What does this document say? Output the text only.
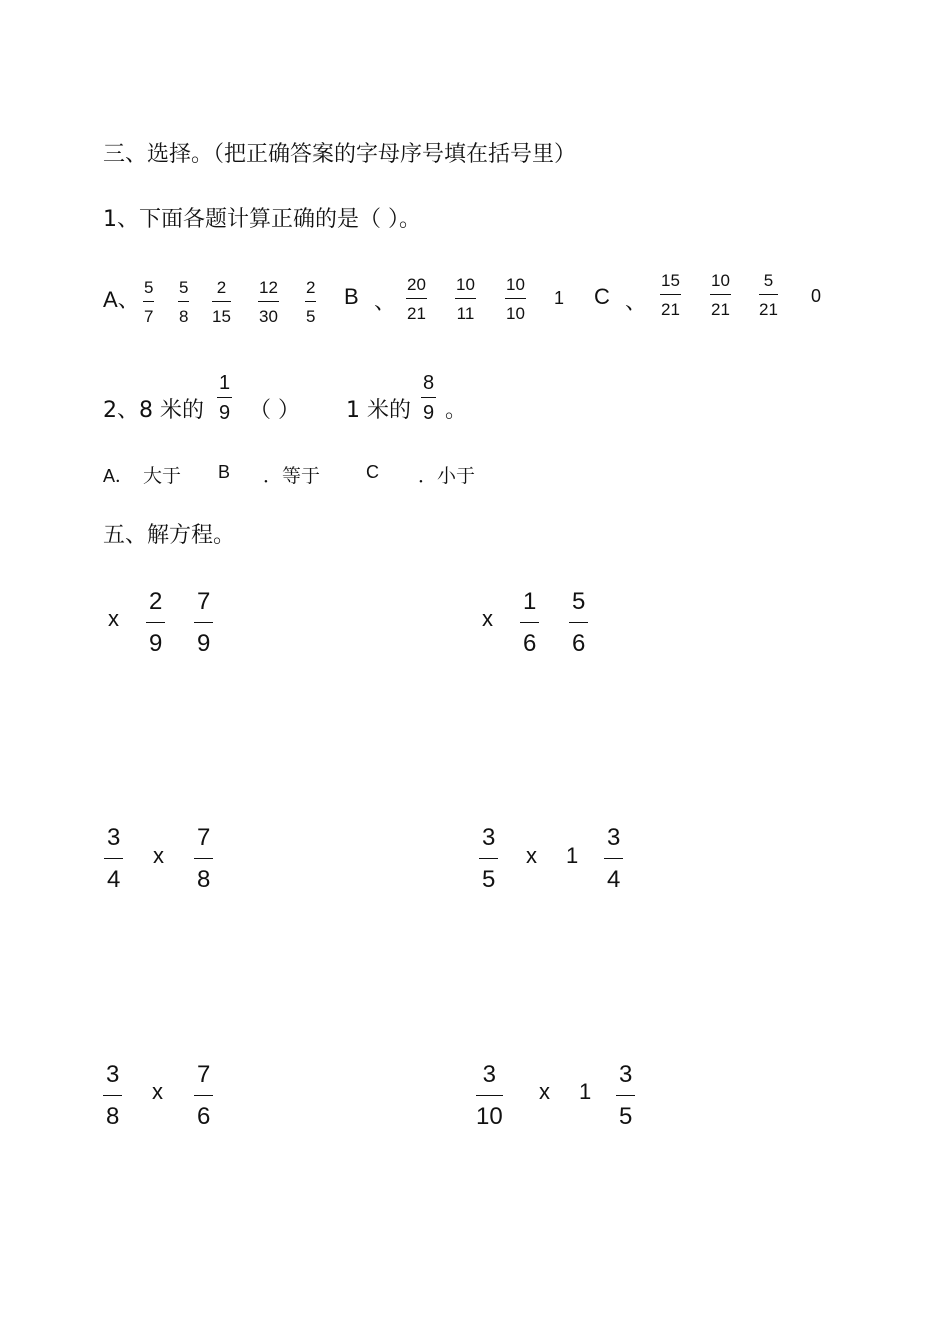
三、选择。（把正确答案的字母序号填在括号里）
1、下面各题计算正确的是（ ）。
A、 5
7
5
8
2
15
12
30
2
5
B 、
20
21
10
11
10
10
1 C 、
15
21
10
21
5
21
0
2、8 米的
1
9 （ ） 1 米的
8
9 。
A． 大于 B ．等于	C ．小于
五、解方程。
x
2
9
7
9
x
1
6
5
6
3
4
x
7
8
3
5
x 1
3
4
3
8
x
7
6
3
10
x 1
3
5
